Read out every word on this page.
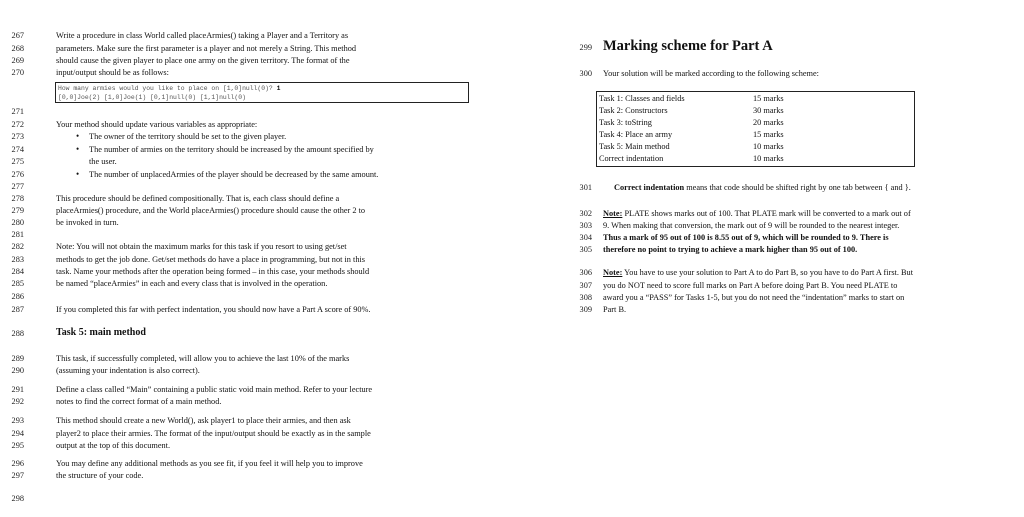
267
268
269
270
271
272
273
274
275
276
277
278
279
280
281
282
283
284
285
286
287
288
289
290
291
292
293
294
295
296
297
298
Write a procedure in class World called placeArmies() taking a Player and a Territory as
parameters. Make sure the first parameter is a player and not merely a String. This method
should cause the given player to place one army on the given territory. The format of the
input/output should be as follows:
How many armies would you like to place on [1,0]null(0)? 1
[0,0]Joe(2) [1,0]Joe(1) [0,1]null(0) [1,1]null(0)
Your method should update various variables as appropriate:
• The owner of the territory should be set to the given player.
• The number of armies on the territory should be increased by the amount specified by
the user.
• The number of unplacedArmies of the player should be decreased by the same amount.
This procedure should be defined compositionally. That is, each class should define a
placeArmies() procedure, and the World placeArmies() procedure should cause the other 2 to
be invoked in turn.
Note: You will not obtain the maximum marks for this task if you resort to using get/set
methods to get the job done. Get/set methods do have a place in programming, but not in this
task. Name your methods after the operation being formed – in this case, your methods should
be named “placeArmies” in each and every class that is involved in the operation.
If you completed this far with perfect indentation, you should now have a Part A score of 90%.
Task 5: main method
This task, if successfully completed, will allow you to achieve the last 10% of the marks
(assuming your indentation is also correct).
Define a class called “Main” containing a public static void main method. Refer to your lecture
notes to find the correct format of a main method.
This method should create a new World(), ask player1 to place their armies, and then ask
player2 to place their armies. The format of the input/output should be exactly as in the sample
output at the top of this document.
You may define any additional methods as you see fit, if you feel it will help you to improve
the structure of your code.
299
300
301
302
303
304
305
306
307
308
309
Marking scheme for Part A
Your solution will be marked according to the following scheme:
Task 1: Classes and fields	15 marks
Task 2: Constructors	30 marks
Task 3: toString	20 marks
Task 4: Place an army	15 marks
Task 5: Main method	10 marks
Correct indentation	10 marks
Correct indentation means that code should be shifted right by one tab between { and }.
Note: PLATE shows marks out of 100. That PLATE mark will be converted to a mark out of
9. When making that conversion, the mark out of 9 will be rounded to the nearest integer.
Thus a mark of 95 out of 100 is 8.55 out of 9, which will be rounded to 9. There is
therefore no point to trying to achieve a mark higher than 95 out of 100.
Note: You have to use your solution to Part A to do Part B, so you have to do Part A first. But
you do NOT need to score full marks on Part A before doing Part B. You need PLATE to
award you a “PASS” for Tasks 1-5, but you do not need the “indentation” marks to start on
Part B.
